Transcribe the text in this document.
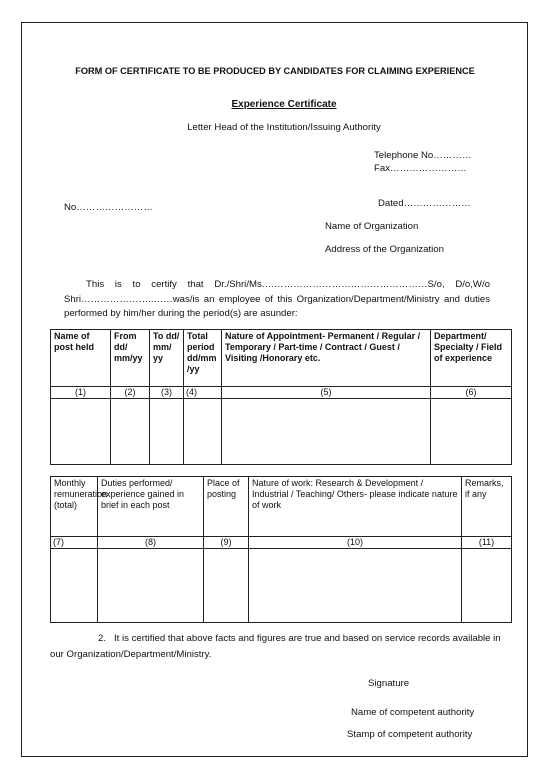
FORM OF CERTIFICATE TO BE PRODUCED BY CANDIDATES FOR CLAIMING EXPERIENCE
Experience Certificate
Letter Head of the Institution/Issuing Authority
Telephone No…………
Fax……………………
No……………………	Dated…………………
Name of Organization
Address of the Organization
This is to certify that Dr./Shri/Ms.……………………………………………S/o, D/o,W/o Shri…………………..……was/is an employee of this Organization/Department/Ministry and duties performed by him/her during the period(s) are asunder:
Name of post held	From dd/ mm/yy	To dd/ mm/ yy	Total period dd/mm /yy	Nature of Appointment- Permanent / Regular / Temporary / Part-time / Contract / Guest / Visiting /Honorary etc.	Department/ Specialty / Field of experience
(1)	(2)	(3)	(4)	(5)	(6)

Monthly remuneration (total)	Duties performed/ experience gained in brief in each post	Place of posting	Nature of work: Research & Development / Industrial / Teaching/ Others- please indicate nature of work	Remarks, if any
(7)	(8)	(9)	(10)	(11)

2. It is certified that above facts and figures are true and based on service records available in our Organization/Department/Ministry.
Signature
Name of competent authority
Stamp of competent authority
